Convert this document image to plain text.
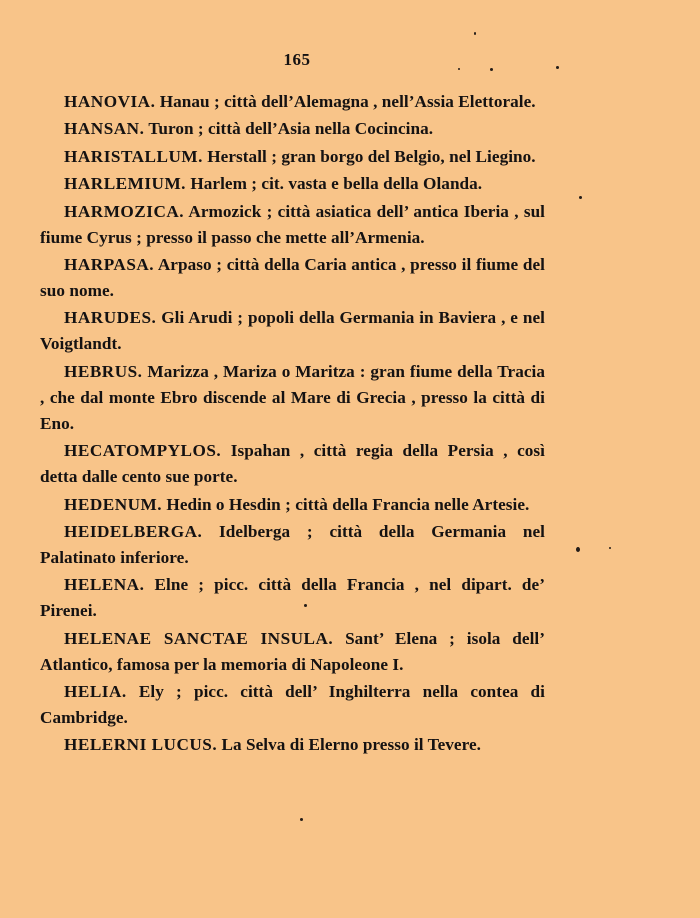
165
HANOVIA. Hanau ; città dell’Alemagna , nell’Assia Elettorale.
HANSAN. Turon ; città dell’Asia nella Cocincina.
HARISTALLUM. Herstall ; gran borgo del Belgio, nel Liegino.
HARLEMIUM. Harlem ; cit. vasta e bella della Olanda.
HARMOZICA. Armozick ; città asiatica dell’ antica Iberia , sul fiume Cyrus ; presso il passo che mette all’Armenia.
HARPASA. Arpaso ; città della Caria antica , presso il fiume del suo nome.
HARUDES. Gli Arudi ; popoli della Germania in Baviera , e nel Voigtlandt.
HEBRUS. Marizza , Mariza o Maritza : gran fiume della Tracia , che dal monte Ebro discende al Mare di Grecia , presso la città di Eno.
HECATOMPYLOS. Ispahan , città regia della Persia , così detta dalle cento sue porte.
HEDENUM. Hedin o Hesdin ; città della Francia nelle Artesie.
HEIDELBERGA. Idelberga ; città della Germania nel Palatinato inferiore.
HELENA. Elne ; picc. città della Francia , nel dipart. de’ Pirenei.
HELENAE SANCTAE INSULA. Sant’ Elena ; isola dell’ Atlantico, famosa per la memoria di Napoleone I.
HELIA. Ely ; picc. città dell’ Inghilterra nella contea di Cambridge.
HELERNI LUCUS. La Selva di Elerno presso il Tevere.
